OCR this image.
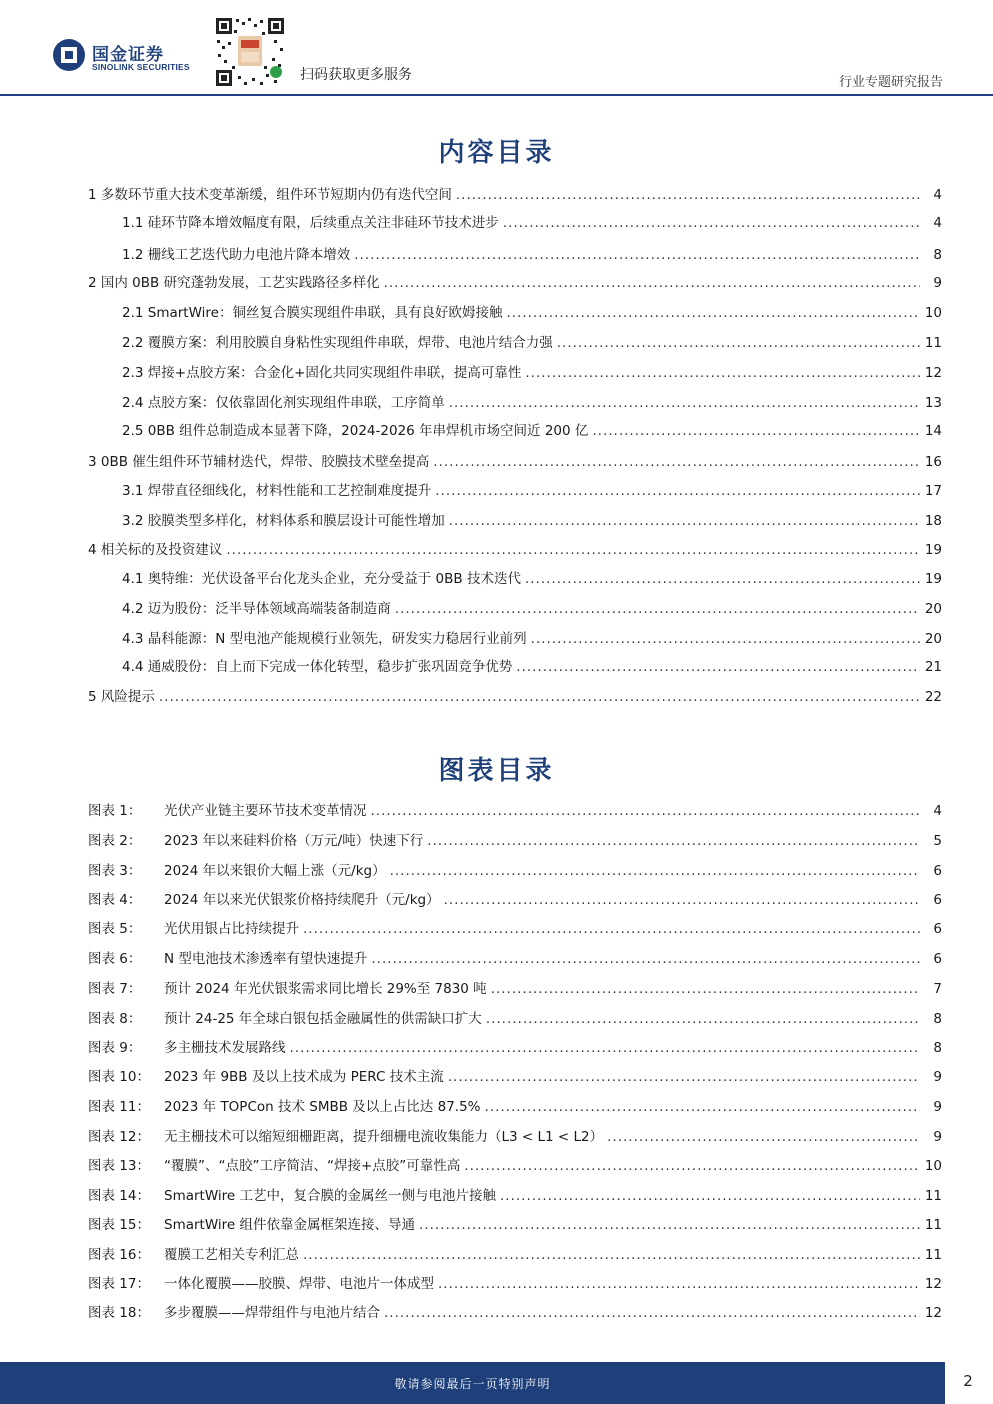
国金证券
SINOLINK SECURITIES	扫码获取更多服务	行业专题研究报告
内容目录
1 多数环节重大技术变革渐缓，组件环节短期内仍有迭代空间 .....	4
1.1 硅环节降本增效幅度有限，后续重点关注非硅环节技术进步 .....	4
1.2 栅线工艺迭代助力电池片降本增效 .....	8
2 国内 0BB 研究蓬勃发展，工艺实践路径多样化 .....	9
2.1 SmartWire：铜丝复合膜实现组件串联，具有良好欧姆接触 .....	10
2.2 覆膜方案：利用胶膜自身粘性实现组件串联，焊带、电池片结合力强 .....	11
2.3 焊接+点胶方案：合金化+固化共同实现组件串联，提高可靠性 .....	12
2.4 点胶方案：仅依靠固化剂实现组件串联，工序简单 .....	13
2.5 0BB 组件总制造成本显著下降，2024-2026 年串焊机市场空间近 200 亿 .....	14
3 0BB 催生组件环节辅材迭代，焊带、胶膜技术壁垒提高 .....	16
3.1 焊带直径细线化，材料性能和工艺控制难度提升 .....	17
3.2 胶膜类型多样化，材料体系和膜层设计可能性增加 .....	18
4 相关标的及投资建议 .....	19
4.1 奥特维：光伏设备平台化龙头企业，充分受益于 0BB 技术迭代 .....	19
4.2 迈为股份：泛半导体领域高端装备制造商 .....	20
4.3 晶科能源：N 型电池产能规模行业领先，研发实力稳居行业前列 .....	20
4.4 通威股份：自上而下完成一体化转型，稳步扩张巩固竞争优势 .....	21
5 风险提示 .....	22
图表目录
图表 1： 光伏产业链主要环节技术变革情况 .....	4
图表 2： 2023 年以来硅料价格（万元/吨）快速下行 .....	5
图表 3： 2024 年以来银价大幅上涨（元/kg） .....	6
图表 4： 2024 年以来光伏银浆价格持续爬升（元/kg） .....	6
图表 5： 光伏用银占比持续提升 .....	6
图表 6： N 型电池技术渗透率有望快速提升 .....	6
图表 7： 预计 2024 年光伏银浆需求同比增长 29%至 7830 吨 .....	7
图表 8： 预计 24-25 年全球白银包括金融属性的供需缺口扩大 .....	8
图表 9： 多主栅技术发展路线 .....	8
图表 10： 2023 年 9BB 及以上技术成为 PERC 技术主流 .....	9
图表 11： 2023 年 TOPCon 技术 SMBB 及以上占比达 87.5% .....	9
图表 12： 无主栅技术可以缩短细栅距离，提升细栅电流收集能力（L3 < L1 < L2） .....	9
图表 13： “覆膜”、“点胶”工序简洁、“焊接+点胶”可靠性高 .....	10
图表 14： SmartWire 工艺中，复合膜的金属丝一侧与电池片接触 .....	11
图表 15： SmartWire 组件依靠金属框架连接、导通 .....	11
图表 16： 覆膜工艺相关专利汇总 .....	11
图表 17： 一体化覆膜——胶膜、焊带、电池片一体成型 .....	12
图表 18： 多步覆膜——焊带组件与电池片结合 .....	12
敬请参阅最后一页特别声明	2
